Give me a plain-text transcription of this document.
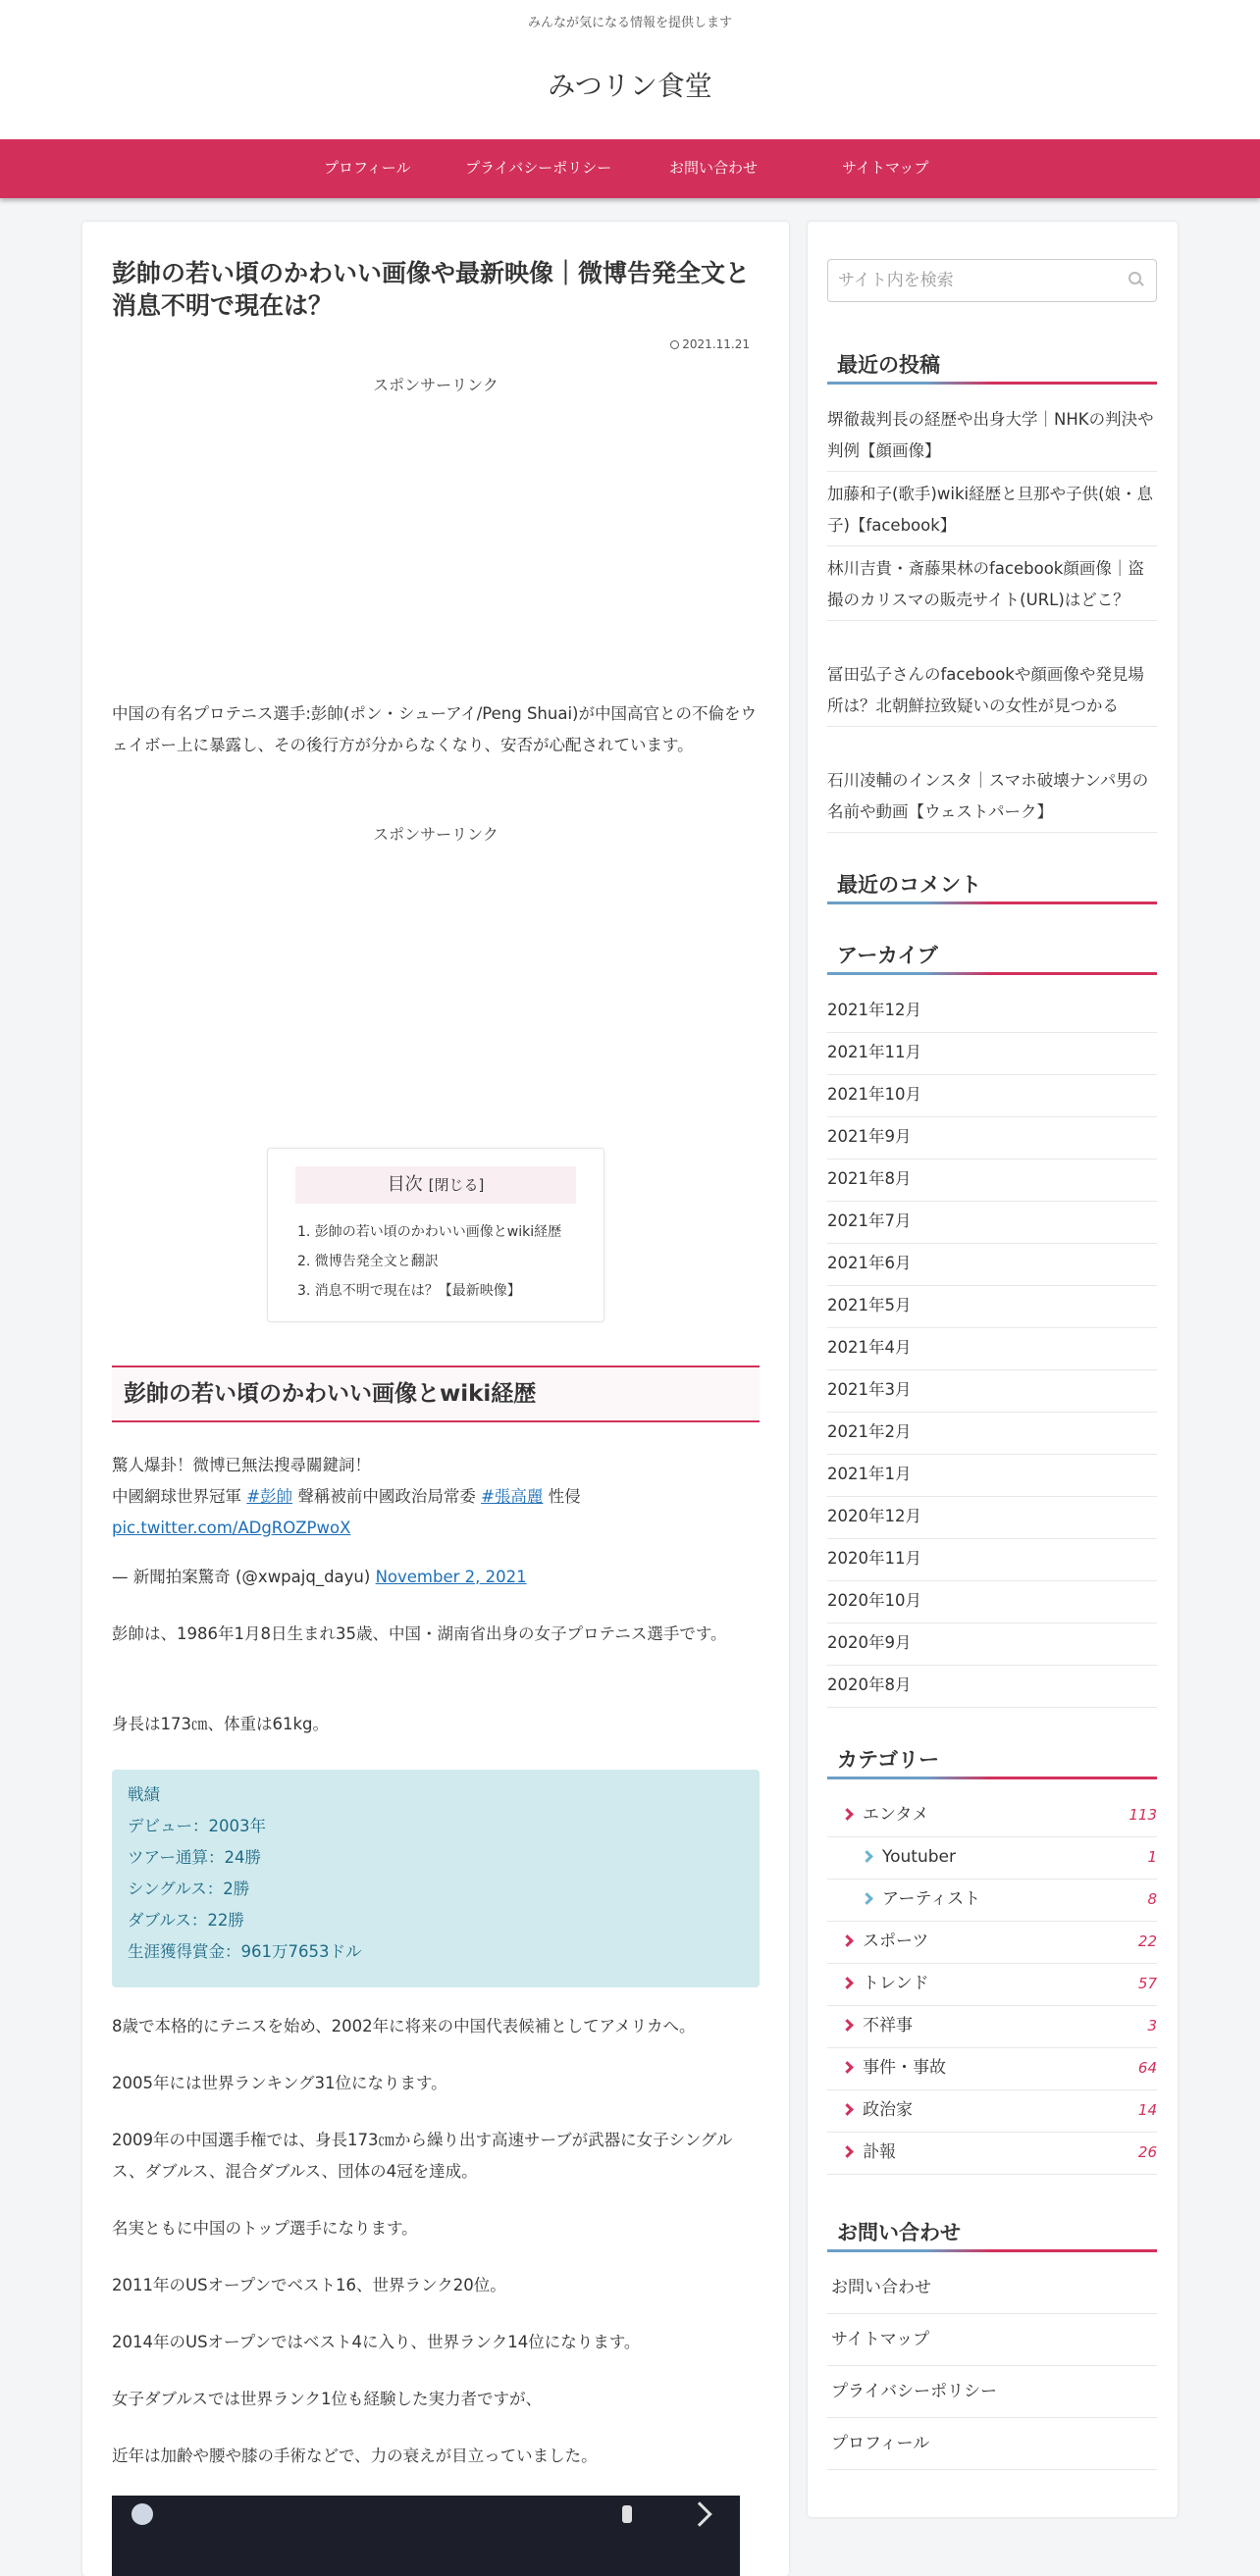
みんなが気になる情報を提供します
みつリン食堂
プロフィール	プライバシーポリシー	お問い合わせ	サイトマップ
彭帥の若い頃のかわいい画像や最新映像｜微博告発全文と消息不明で現在は？
2021.11.21
スポンサーリンク

中国の有名プロテニス選手:彭帥(ポン・シューアイ/Peng Shuai)が中国高官との不倫をウェイボー上に暴露し、その後行方が分からなくなり、安否が心配されています。

スポンサーリンク
目次 [閉じる]
1. 彭帥の若い頃のかわいい画像とwiki経歴
2. 微博告発全文と翻訳
3. 消息不明で現在は？【最新映像】
彭帥の若い頃のかわいい画像とwiki経歴
驚人爆卦！微博已無法搜尋關鍵詞！
中國網球世界冠軍 #彭帥 聲稱被前中國政治局常委 #張高麗 性侵
pic.twitter.com/ADgROZPwoX
— 新聞拍案驚奇 (@xwpajq_dayu) November 2, 2021

彭帥は、1986年1月8日生まれ35歳、中国・湖南省出身の女子プロテニス選手です。

身長は173㎝、体重は61kg。

戦績
デビュー：2003年
ツアー通算：24勝
シングルス：2勝
ダブルス：22勝
生涯獲得賞金：961万7653ドル

8歳で本格的にテニスを始め、2002年に将来の中国代表候補としてアメリカへ。

2005年には世界ランキング31位になります。

2009年の中国選手権では、身長173㎝から繰り出す高速サーブが武器に女子シングルス、ダブルス、混合ダブルス、団体の4冠を達成。

名実ともに中国のトップ選手になります。

2011年のUSオープンでベスト16、世界ランク20位。

2014年のUSオープンではベスト4に入り、世界ランク14位になります。

女子ダブルスでは世界ランク1位も経験した実力者ですが、

近年は加齢や腰や膝の手術などで、力の衰えが目立っていました。

サイト内を検索
最近の投稿
堺徹裁判長の経歴や出身大学｜NHKの判決や判例【顔画像】
加藤和子(歌手)wiki経歴と旦那や子供(娘・息子)【facebook】
林川吉貴・斎藤果林のfacebook顔画像｜盗撮のカリスマの販売サイト(URL)はどこ？
冨田弘子さんのfacebookや顔画像や発見場所は？北朝鮮拉致疑いの女性が見つかる
石川凌輔のインスタ｜スマホ破壊ナンパ男の名前や動画【ウェストパーク】
最近のコメント
アーカイブ
2021年12月
2021年11月
2021年10月
2021年9月
2021年8月
2021年7月
2021年6月
2021年5月
2021年4月
2021年3月
2021年2月
2021年1月
2020年12月
2020年11月
2020年10月
2020年9月
2020年8月
カテゴリー
エンタメ	113
Youtuber	1
アーティスト	8
スポーツ	22
トレンド	57
不祥事	3
事件・事故	64
政治家	14
訃報	26
お問い合わせ
お問い合わせ
サイトマップ
プライバシーポリシー
プロフィール
